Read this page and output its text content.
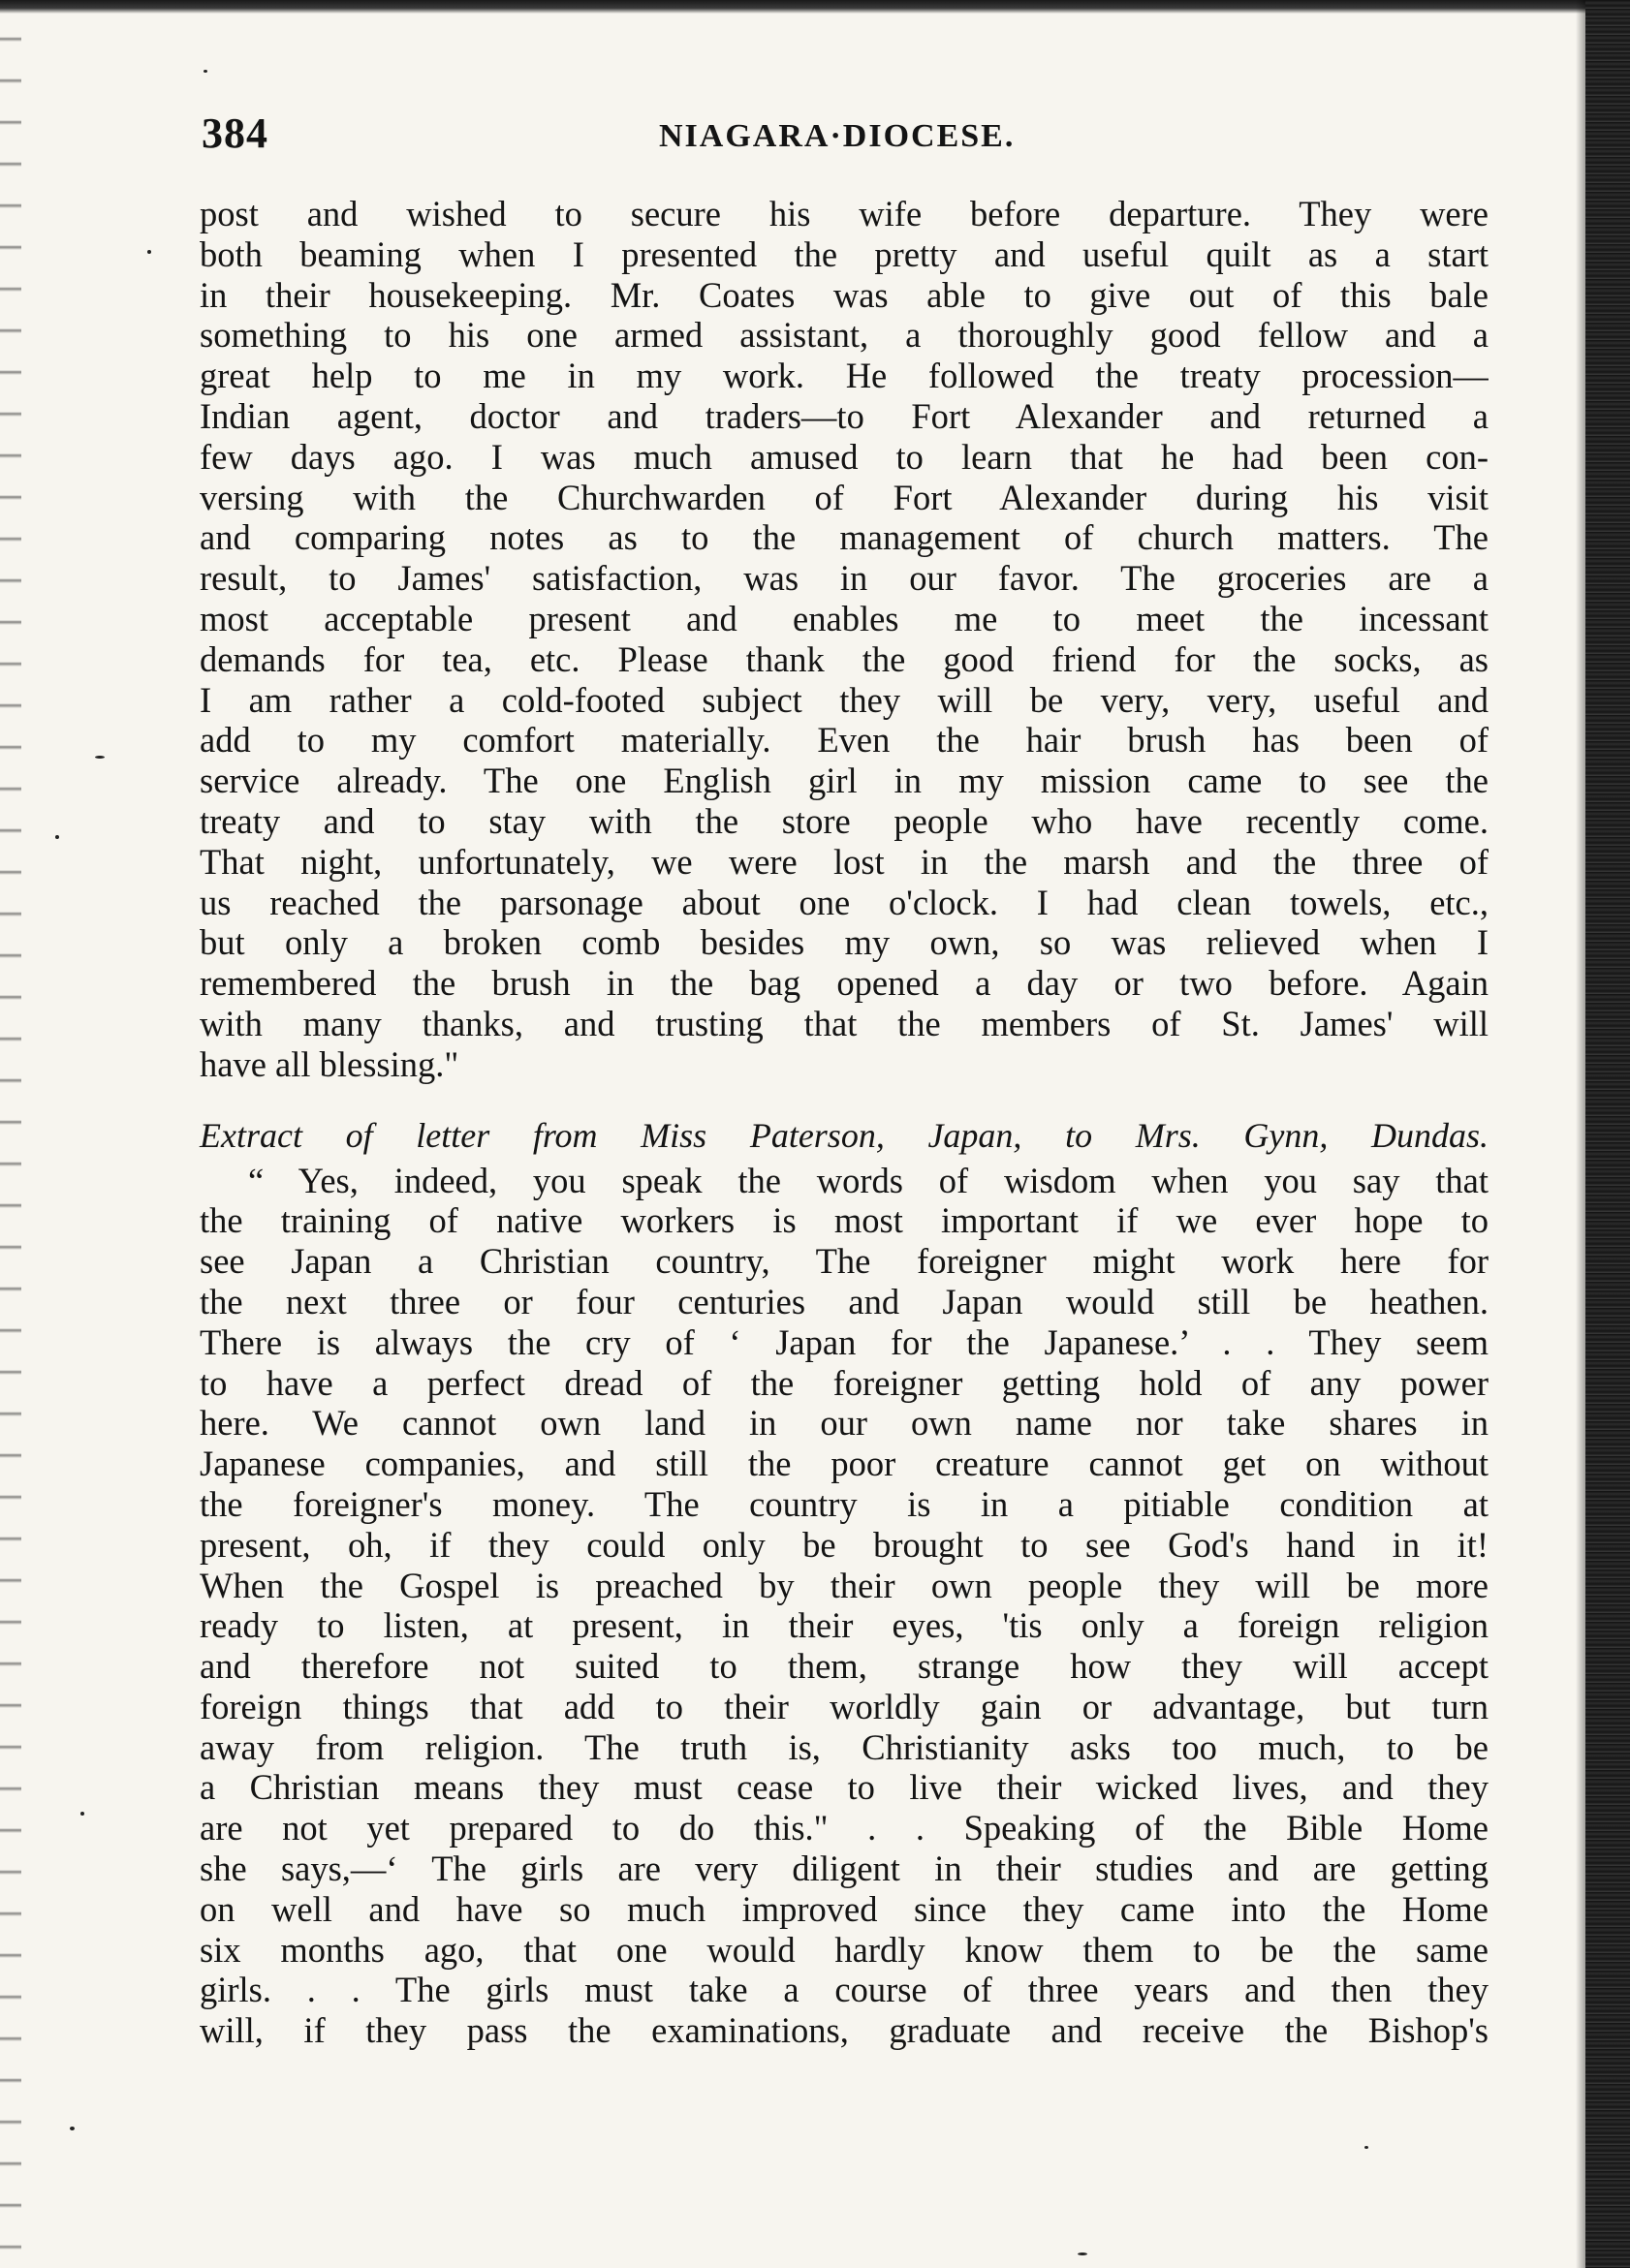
384	NIAGARA·DIOCESE.
post and wished to secure his wife before departure. They were
both beaming when I presented the pretty and useful quilt as a start
in their housekeeping. Mr. Coates was able to give out of this bale
something to his one armed assistant, a thoroughly good fellow and a
great help to me in my work. He followed the treaty procession—
Indian agent, doctor and traders—to Fort Alexander and returned a
few days ago. I was much amused to learn that he had been con-
versing with the Churchwarden of Fort Alexander during his visit
and comparing notes as to the management of church matters. The
result, to James' satisfaction, was in our favor. The groceries are a
most acceptable present and enables me to meet the incessant
demands for tea, etc. Please thank the good friend for the socks, as
I am rather a cold-footed subject they will be very, very, useful and
add to my comfort materially. Even the hair brush has been of
service already. The one English girl in my mission came to see the
treaty and to stay with the store people who have recently come.
That night, unfortunately, we were lost in the marsh and the three of
us reached the parsonage about one o'clock. I had clean towels, etc.,
but only a broken comb besides my own, so was relieved when I
remembered the brush in the bag opened a day or two before. Again
with many thanks, and trusting that the members of St. James' will
have all blessing."
Extract of letter from Miss Paterson, Japan, to Mrs. Gynn, Dundas.
“ Yes, indeed, you speak the words of wisdom when you say that
the training of native workers is most important if we ever hope to
see Japan a Christian country, The foreigner might work here for
the next three or four centuries and Japan would still be heathen.
There is always the cry of ‘ Japan for the Japanese.’ . . They seem
to have a perfect dread of the foreigner getting hold of any power
here. We cannot own land in our own name nor take shares in
Japanese companies, and still the poor creature cannot get on without
the foreigner's money. The country is in a pitiable condition at
present, oh, if they could only be brought to see God's hand in it!
When the Gospel is preached by their own people they will be more
ready to listen, at present, in their eyes, 'tis only a foreign religion
and therefore not suited to them, strange how they will accept
foreign things that add to their worldly gain or advantage, but turn
away from religion. The truth is, Christianity asks too much, to be
a Christian means they must cease to live their wicked lives, and they
are not yet prepared to do this." . . Speaking of the Bible Home
she says,—‘ The girls are very diligent in their studies and are getting
on well and have so much improved since they came into the Home
six months ago, that one would hardly know them to be the same
girls. . . The girls must take a course of three years and then they
will, if they pass the examinations, graduate and receive the Bishop's
